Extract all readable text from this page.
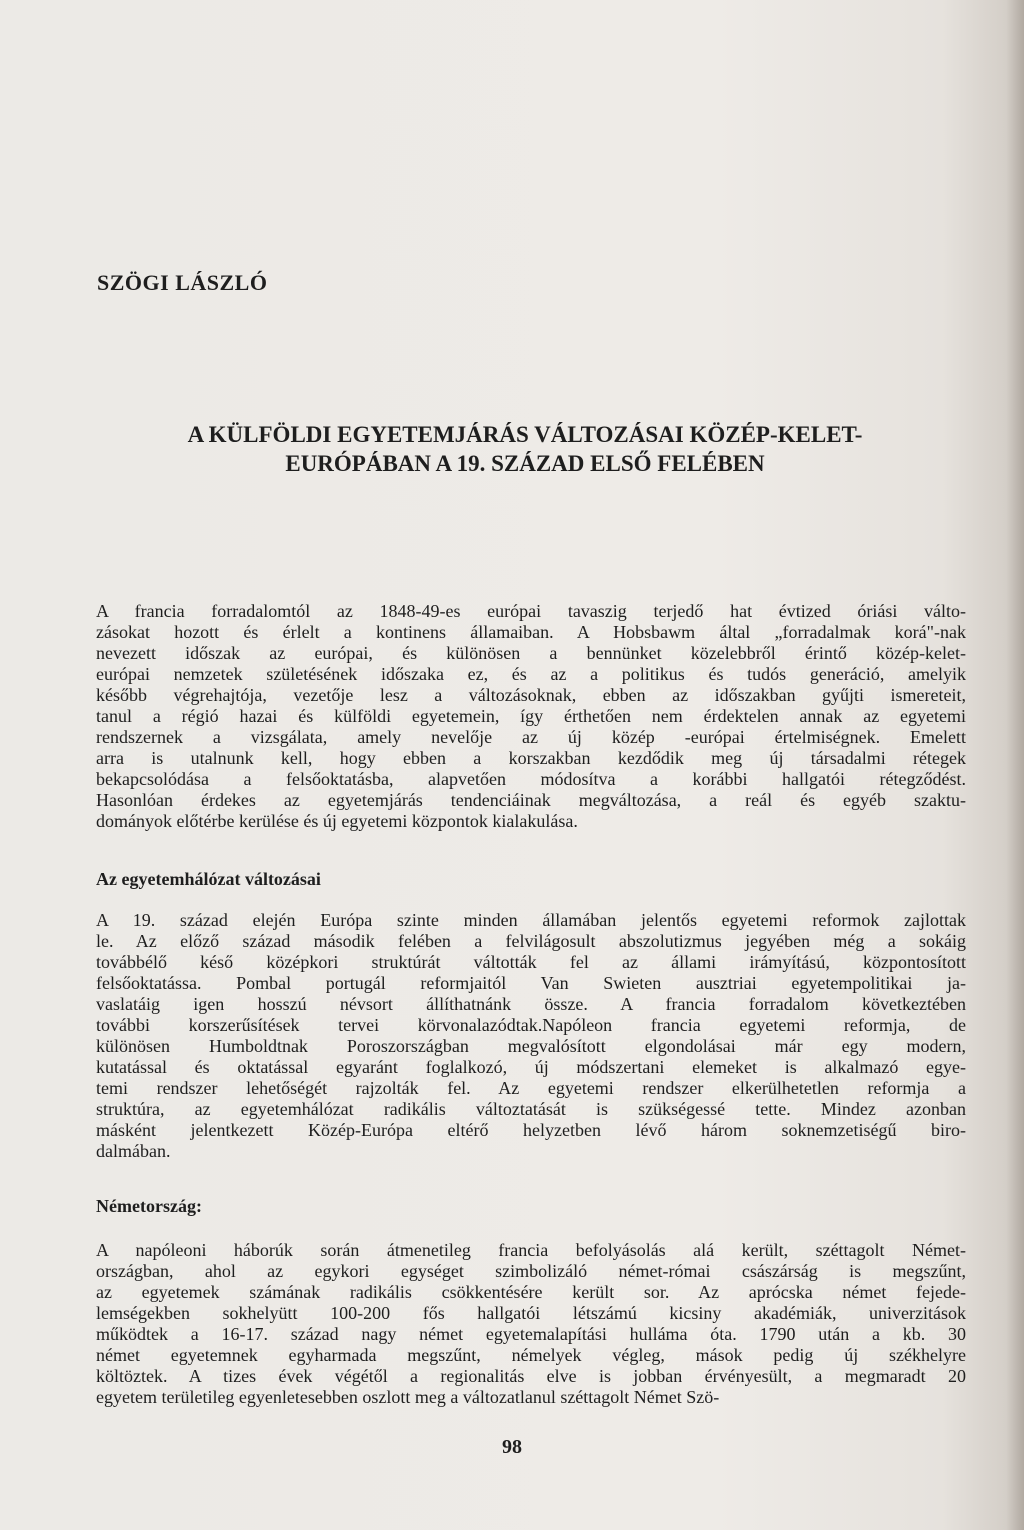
SZÖGI LÁSZLÓ
A KÜLFÖLDI EGYETEMJÁRÁS VÁLTOZÁSAI KÖZÉP-KELET-
EURÓPÁBAN A 19. SZÁZAD ELSŐ FELÉBEN
A francia forradalomtól az 1848-49-es európai tavaszig terjedő hat évtized óriási válto-
zásokat hozott és érlelt a kontinens államaiban. A Hobsbawm által „forradalmak korá"-nak
nevezett időszak az európai, és különösen a bennünket közelebbről érintő közép-kelet-
európai nemzetek születésének időszaka ez, és az a politikus és tudós generáció, amelyik
később végrehajtója, vezetője lesz a változásoknak, ebben az időszakban gyűjti ismereteit,
tanul a régió hazai és külföldi egyetemein, így érthetően nem érdektelen annak az egyetemi
rendszernek a vizsgálata, amely nevelője az új közép -európai értelmiségnek. Emelett
arra is utalnunk kell, hogy ebben a korszakban kezdődik meg új társadalmi rétegek
bekapcsolódása a felsőoktatásba, alapvetően módosítva a korábbi hallgatói rétegződést.
Hasonlóan érdekes az egyetemjárás tendenciáinak megváltozása, a reál és egyéb szaktu-
dományok előtérbe kerülése és új egyetemi központok kialakulása.
Az egyetemhálózat változásai
A 19. század elején Európa szinte minden államában jelentős egyetemi reformok zajlottak
le. Az előző század második felében a felvilágosult abszolutizmus jegyében még a sokáig
továbbélő késő középkori struktúrát váltották fel az állami irámyítású, központosított
felsőoktatássa. Pombal portugál reformjaitól Van Swieten ausztriai egyetempolitikai ja-
vaslatáig igen hosszú névsort állíthatnánk össze. A francia forradalom következtében
további korszerűsítések tervei körvonalazódtak.Napóleon francia egyetemi reformja, de
különösen Humboldtnak Poroszországban megvalósított elgondolásai már egy modern,
kutatással és oktatással egyaránt foglalkozó, új módszertani elemeket is alkalmazó egye-
temi rendszer lehetőségét rajzolták fel. Az egyetemi rendszer elkerülhetetlen reformja a
struktúra, az egyetemhálózat radikális változtatását is szükségessé tette. Mindez azonban
másként jelentkezett Közép-Európa eltérő helyzetben lévő három soknemzetiségű biro-
dalmában.
Németország:
A napóleoni háborúk során átmenetileg francia befolyásolás alá került, széttagolt Német-
országban, ahol az egykori egységet szimbolizáló német-római császárság is megszűnt,
az egyetemek számának radikális csökkentésére került sor. Az aprócska német fejede-
lemségekben sokhelyütt 100-200 fős hallgatói létszámú kicsiny akadémiák, univerzitások
működtek a 16-17. század nagy német egyetemalapítási hulláma óta. 1790 után a kb. 30
német egyetemnek egyharmada megszűnt, némelyek végleg, mások pedig új székhelyre
költöztek. A tizes évek végétől a regionalitás elve is jobban érvényesült, a megmaradt 20
egyetem területileg egyenletesebben oszlott meg a változatlanul széttagolt Német Szö-
98
